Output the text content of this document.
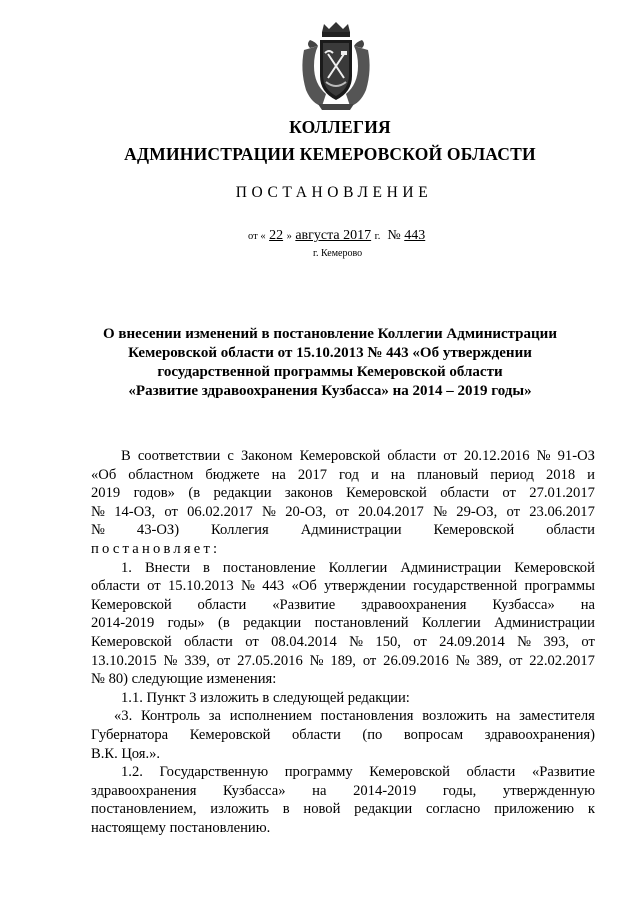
КОЛЛЕГИЯ
АДМИНИСТРАЦИИ КЕМЕРОВСКОЙ ОБЛАСТИ
ПОСТАНОВЛЕНИЕ
от « 22 » августа 2017 г. № 443
г. Кемерово
О внесении изменений в постановление Коллегии Администрации
Кемеровской области от 15.10.2013 № 443 «Об утверждении
государственной программы Кемеровской области
«Развитие здравоохранения Кузбасса» на 2014 – 2019 годы»
В соответствии с Законом Кемеровской области от 20.12.2016 № 91-ОЗ
«Об областном бюджете на 2017 год и на плановый период 2018 и
2019 годов» (в редакции законов Кемеровской области от 27.01.2017
№ 14-ОЗ, от 06.02.2017 № 20-ОЗ, от 20.04.2017 № 29-ОЗ, от 23.06.2017
№ 43-ОЗ) Коллегия Администрации Кемеровской области
постановляет:
1. Внести в постановление Коллегии Администрации Кемеровской
области от 15.10.2013 № 443 «Об утверждении государственной программы
Кемеровской области «Развитие здравоохранения Кузбасса» на
2014-2019 годы» (в редакции постановлений Коллегии Администрации
Кемеровской области от 08.04.2014 № 150, от 24.09.2014 № 393, от
13.10.2015 № 339, от 27.05.2016 № 189, от 26.09.2016 № 389, от 22.02.2017
№ 80) следующие изменения:
1.1. Пункт 3 изложить в следующей редакции:
«3. Контроль за исполнением постановления возложить на заместителя
Губернатора Кемеровской области (по вопросам здравоохранения)
В.К. Цоя.».
1.2. Государственную программу Кемеровской области «Развитие
здравоохранения Кузбасса» на 2014-2019 годы, утвержденную
постановлением, изложить в новой редакции согласно приложению к
настоящему постановлению.
